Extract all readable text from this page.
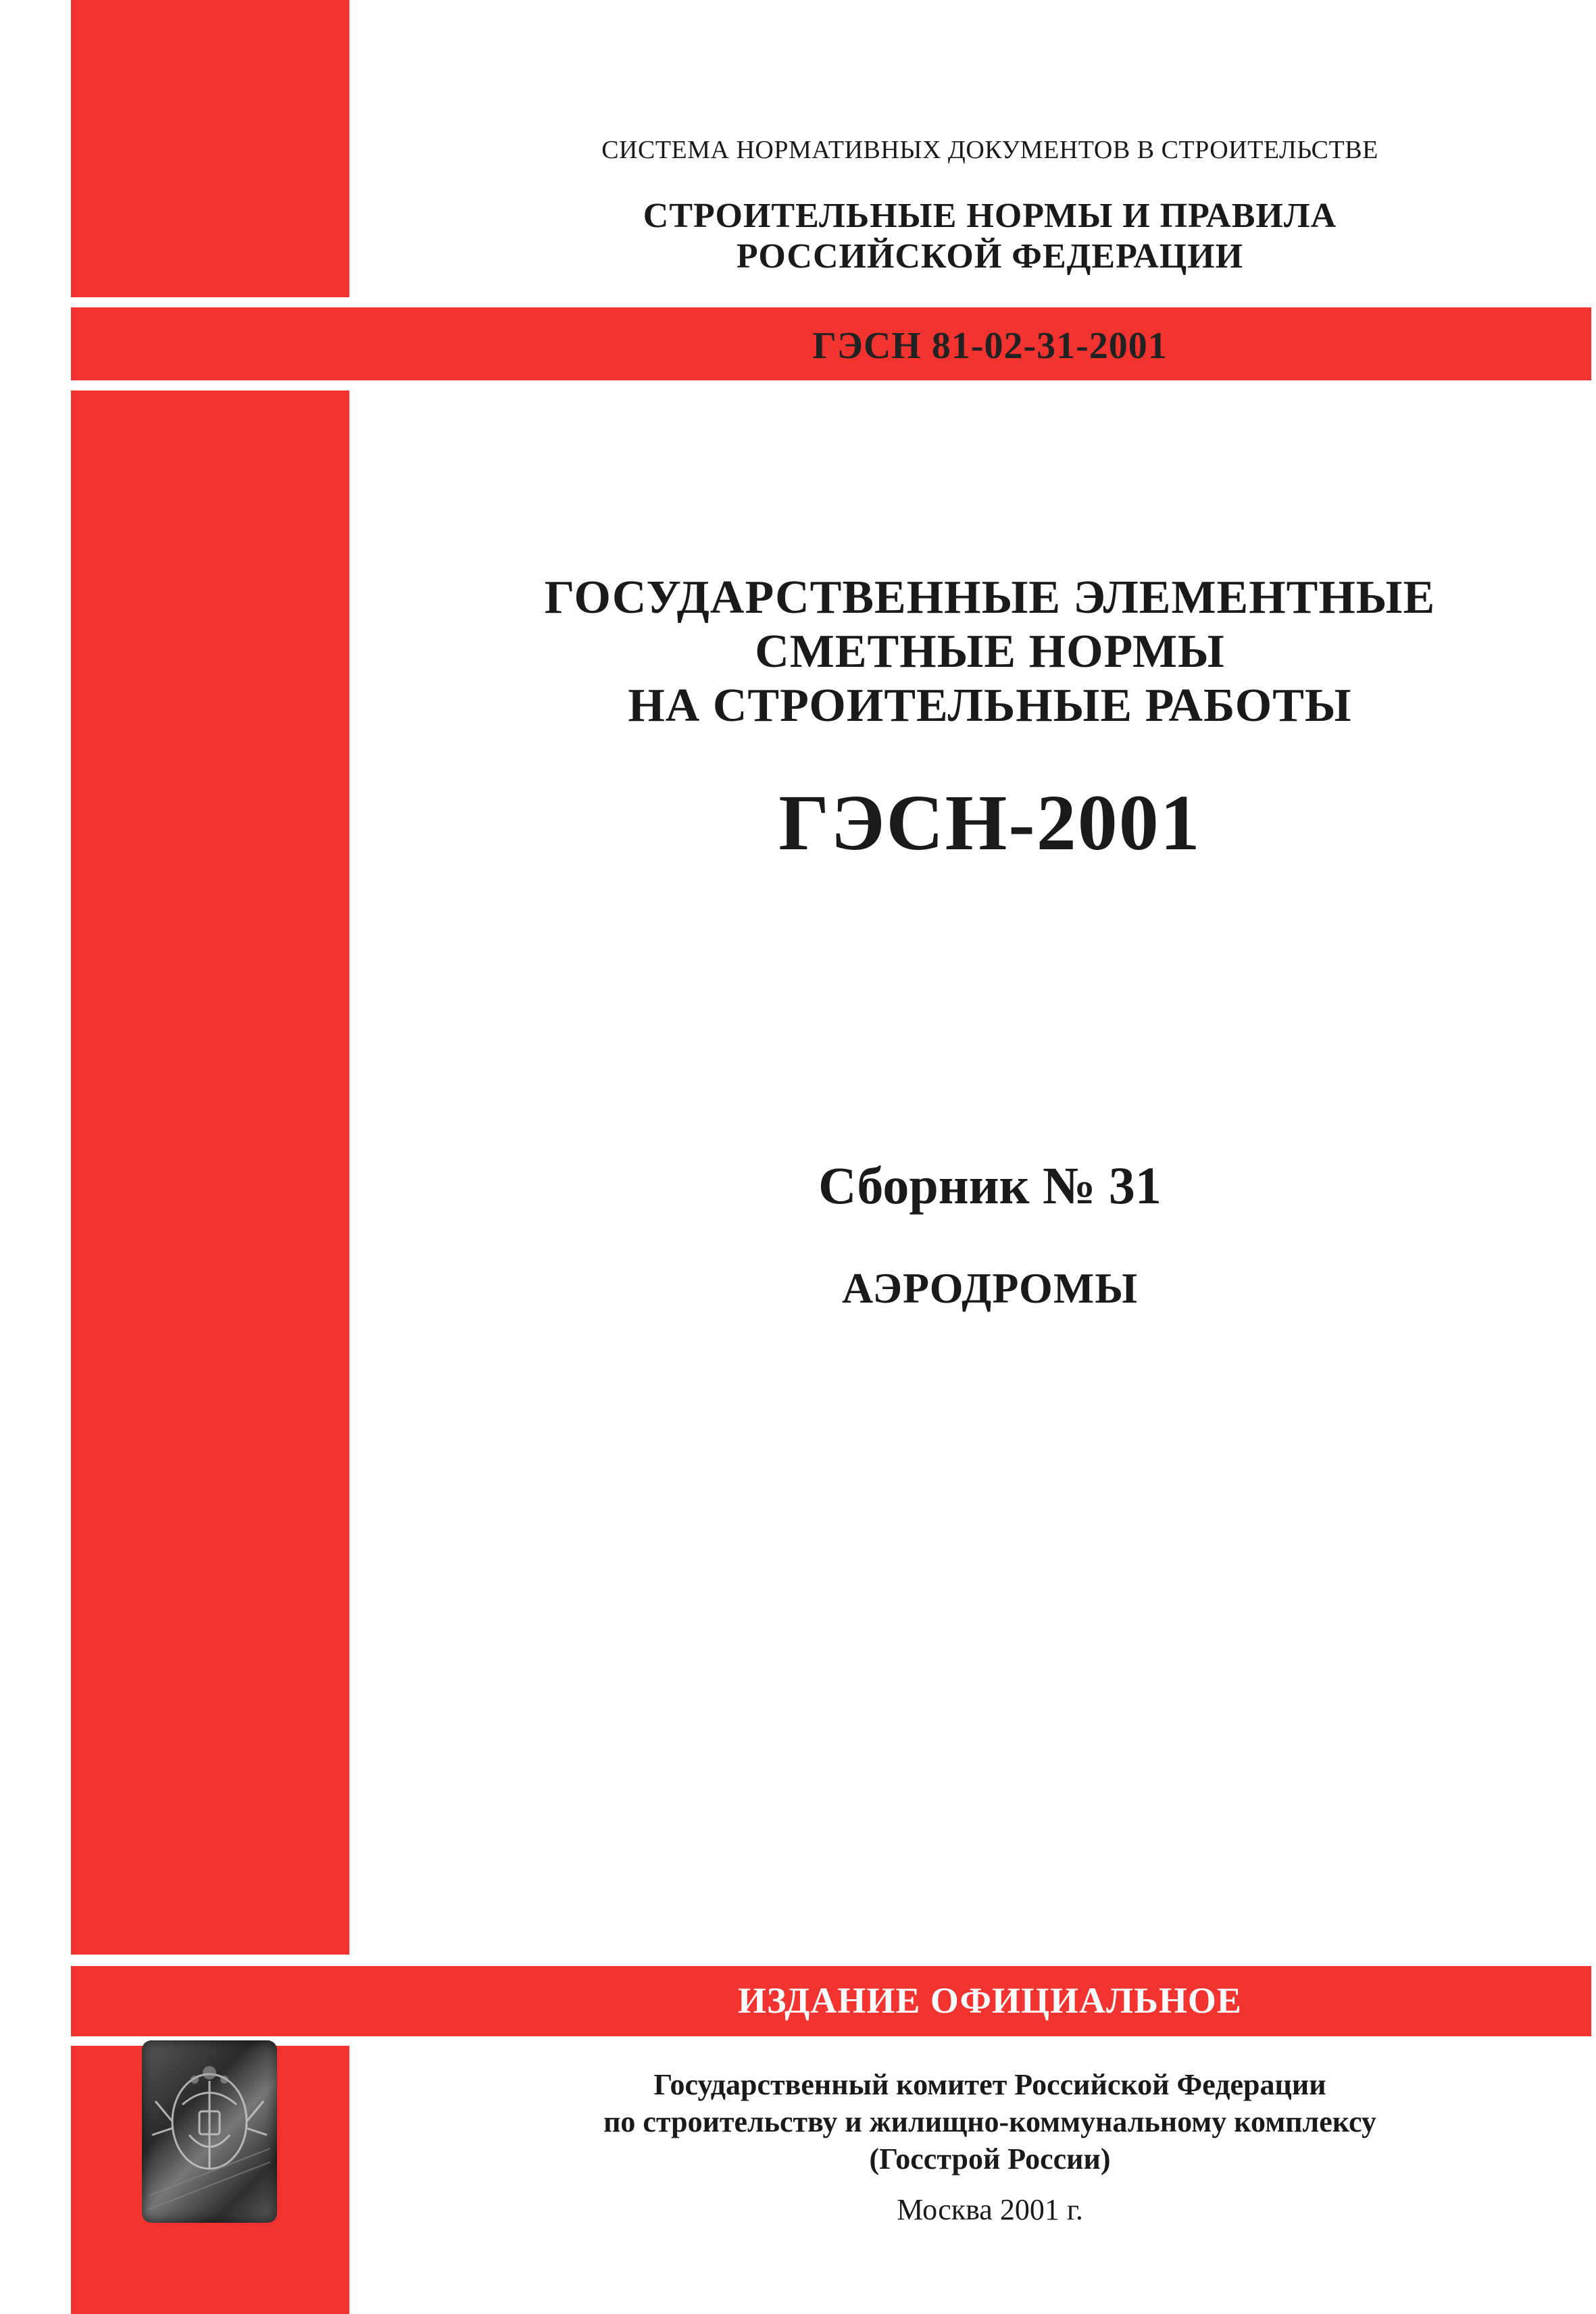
СИСТЕМА НОРМАТИВНЫХ ДОКУМЕНТОВ В СТРОИТЕЛЬСТВЕ
СТРОИТЕЛЬНЫЕ НОРМЫ И ПРАВИЛА
РОССИЙСКОЙ ФЕДЕРАЦИИ
ГЭСН 81-02-31-2001
ГОСУДАРСТВЕННЫЕ ЭЛЕМЕНТНЫЕ
СМЕТНЫЕ НОРМЫ
НА СТРОИТЕЛЬНЫЕ РАБОТЫ
ГЭСН-2001
Сборник № 31
АЭРОДРОМЫ
ИЗДАНИЕ ОФИЦИАЛЬНОЕ
Государственный комитет Российской Федерации
по строительству и жилищно-коммунальному комплексу
(Госстрой России)
Москва 2001 г.
